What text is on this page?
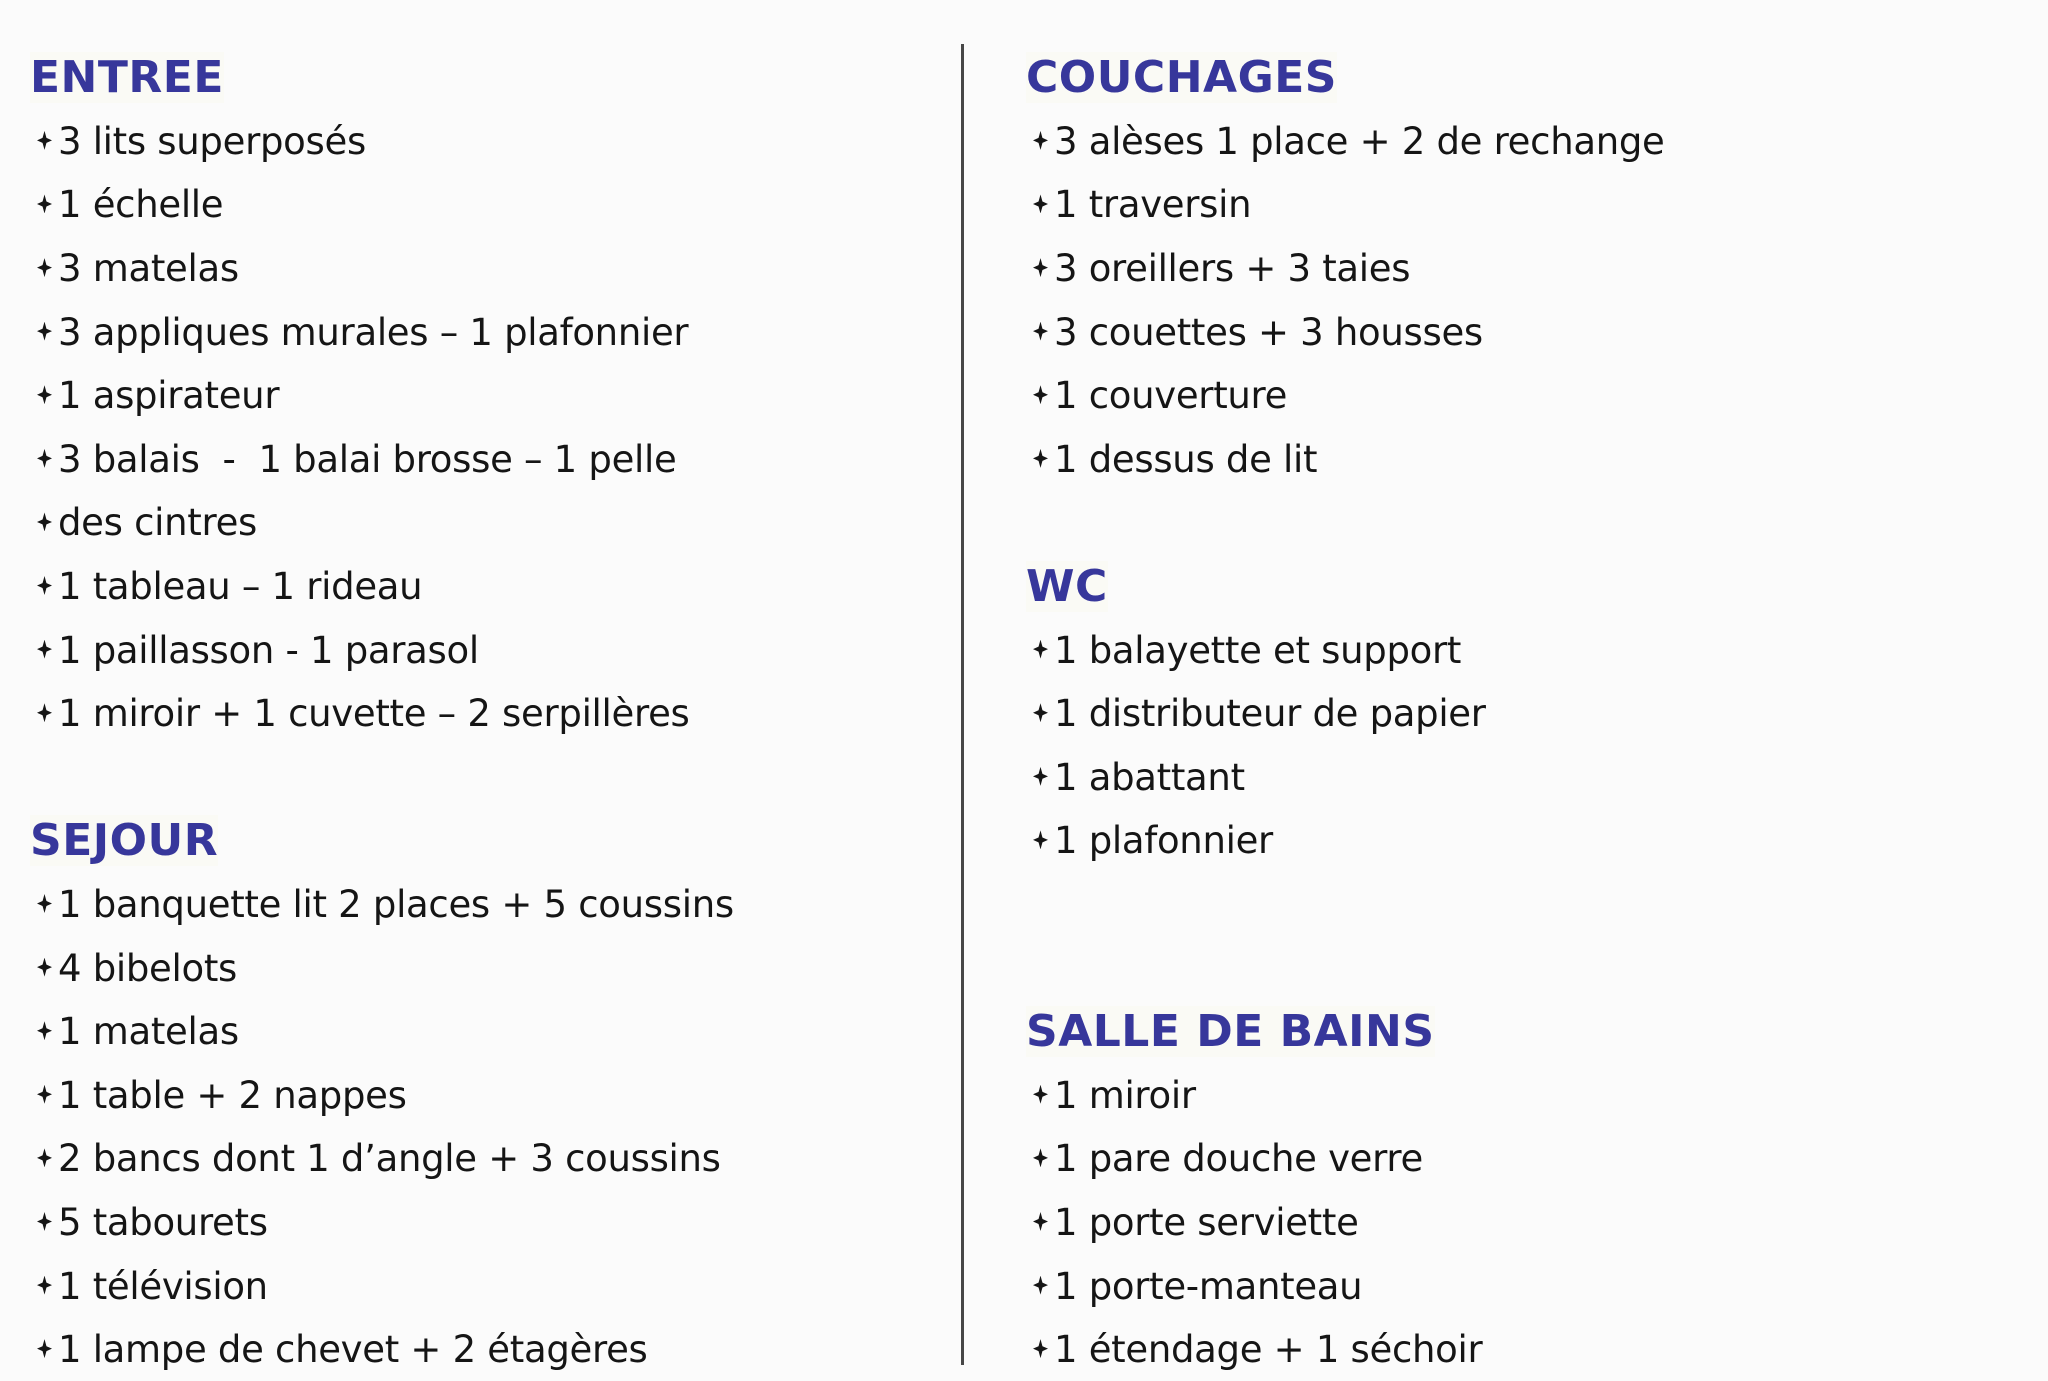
ENTREE
3 lits superposés
1 échelle
3 matelas
3 appliques murales – 1 plafonnier
1 aspirateur
3 balais  -  1 balai brosse – 1 pelle
des cintres
1 tableau – 1 rideau
1 paillasson - 1 parasol
1 miroir + 1 cuvette – 2 serpillères
SEJOUR
1 banquette lit 2 places + 5 coussins
4 bibelots
1 matelas
1 table + 2 nappes
2 bancs dont 1 d’angle + 3 coussins
5 tabourets
1 télévision
1 lampe de chevet + 2 étagères
COUCHAGES
3 alèses 1 place + 2 de rechange
1 traversin
3 oreillers + 3 taies
3 couettes + 3 housses
1 couverture
1 dessus de lit
WC
1 balayette et support
1 distributeur de papier
1 abattant
1 plafonnier
SALLE DE BAINS
1 miroir
1 pare douche verre
1 porte serviette
1 porte-manteau
1 étendage + 1 séchoir
